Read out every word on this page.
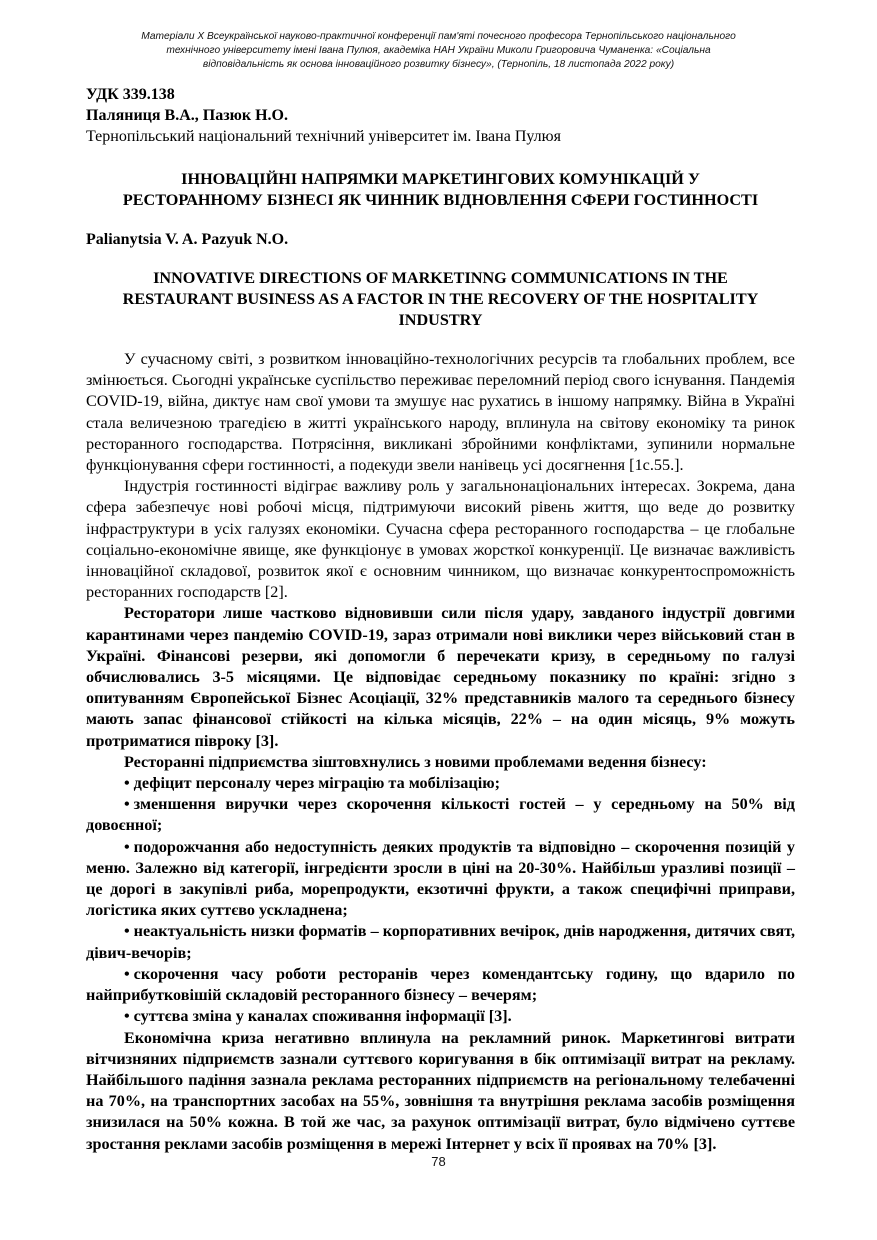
Матеріали Х Всеукраїнської науково-практичної конференції пам'яті почесного професора Тернопільського національного
технічного університету імені Івана Пулюя, академіка НАН України Миколи Григоровича Чуманенка: «Соціальна
відповідальність як основа інноваційного розвитку бізнесу», (Тернопіль, 18 листопада 2022 року)
УДК 339.138
Паляниця В.А., Пазюк Н.О.
Тернопільський національний технічний університет ім. Івана Пулюя
ІННОВАЦІЙНІ НАПРЯМКИ МАРКЕТИНГОВИХ КОМУНІКАЦІЙ У
РЕСТОРАННОМУ БІЗНЕСІ ЯК ЧИННИК ВІДНОВЛЕННЯ СФЕРИ ГОСТИННОСТІ
Palianytsia V. A. Pazyuk N.O.
INNOVATIVE DIRECTIONS OF MARKETINNG COMMUNICATIONS IN THE
RESTAURANT BUSINESS AS A FACTOR IN THE RECOVERY OF THE HOSPITALITY
INDUSTRY

У сучасному світі, з розвитком інноваційно-технологічних ресурсів та глобальних проблем, все змінюється. Сьогодні українське суспільство переживає переломний період свого існування. Пандемія COVID-19, війна, диктує нам свої умови та змушує нас рухатись в іншому напрямку. Війна в Україні стала величезною трагедією в житті українського народу, вплинула на світову економіку та ринок ресторанного господарства. Потрясіння, викликані збройними конфліктами, зупинили нормальне функціонування сфери гостинності, а подекуди звели нанівець усі досягнення [1с.55.].

Індустрія гостинності відіграє важливу роль у загальнонаціональних інтересах. Зокрема, дана сфера забезпечує нові робочі місця, підтримуючи високий рівень життя, що веде до розвитку інфраструктури в усіх галузях економіки. Сучасна сфера ресторанного господарства – це глобальне соціально-економічне явище, яке функціонує в умовах жорсткої конкуренції. Це визначає важливість інноваційної складової, розвиток якої є основним чинником, що визначає конкурентоспроможність ресторанних господарств [2].

Ресторатори лише частково відновивши сили після удару, завданого індустрії довгими карантинами через пандемію COVID-19, зараз отримали нові виклики через військовий стан в Україні. Фінансові резерви, які допомогли б перечекати кризу, в середньому по галузі обчислювались 3-5 місяцями. Це відповідає середньому показнику по країні: згідно з опитуванням Європейської Бізнес Асоціації, 32% представників малого та середнього бізнесу мають запас фінансової стійкості на кілька місяців, 22% – на один місяць, 9% можуть протриматися півроку [3].

Ресторанні підприємства зіштовхнулись з новими проблемами ведення бізнесу:

• дефіцит персоналу через міграцію та мобілізацію;

• зменшення виручки через скорочення кількості гостей – у середньому на 50% від довоєнної;

• подорожчання або недоступність деяких продуктів та відповідно – скорочення позицій у меню. Залежно від категорії, інгредієнти зросли в ціні на 20-30%. Найбільш уразливі позиції – це дорогі в закупівлі риба, морепродукти, екзотичні фрукти, а також специфічні приправи, логістика яких суттєво ускладнена;

• неактуальність низки форматів – корпоративних вечірок, днів народження, дитячих свят, дівич-вечорів;

• скорочення часу роботи ресторанів через комендантську годину, що вдарило по найприбутковішій складовій ресторанного бізнесу – вечерям;

• суттєва зміна у каналах споживання інформації [3].

Економічна криза негативно вплинула на рекламний ринок. Маркетингові витрати вітчизняних підприємств зазнали суттєвого коригування в бік оптимізації витрат на рекламу. Найбільшого падіння зазнала реклама ресторанних підприємств на регіональному телебаченні на 70%, на транспортних засобах на 55%, зовнішня та внутрішня реклама засобів розміщення знизилася на 50% кожна. В той же час, за рахунок оптимізації витрат, було відмічено суттєве зростання реклами засобів розміщення в мережі Інтернет у всіх її проявах на 70% [3].

78
